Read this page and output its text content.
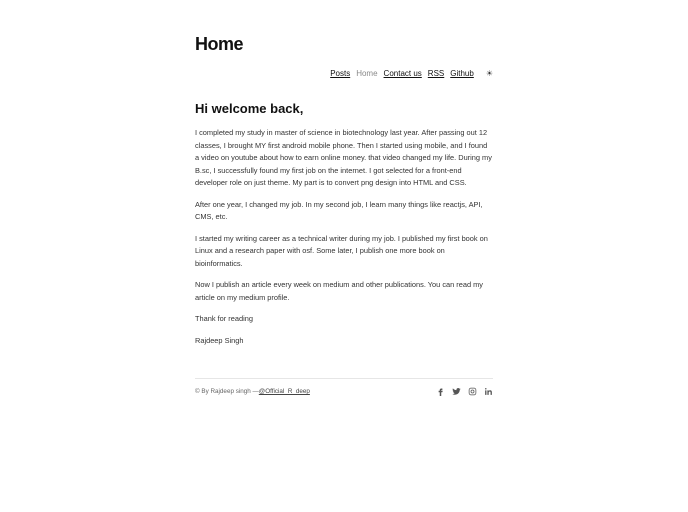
Home
Posts Home Contact us RSS Github ☀
Hi welcome back,

I completed my study in master of science in biotechnology last year. After passing out 12 classes, I brought MY first android mobile phone. Then I started using mobile, and I found a video on youtube about how to earn online money. that video changed my life. During my B.sc, I successfully found my first job on the internet. I got selected for a front-end developer role on just theme. My part is to convert png design into HTML and CSS.

After one year, I changed my job. In my second job, I learn many things like reactjs, API, CMS, etc.

I started my writing career as a technical writer during my job. I published my first book on Linux and a research paper with osf. Some later, I publish one more book on bioinformatics.

Now I publish an article every week on medium and other publications. You can read my article on my medium profile.

Thank for reading

Rajdeep Singh

© By Rajdeep singh —@Official_R_deep
